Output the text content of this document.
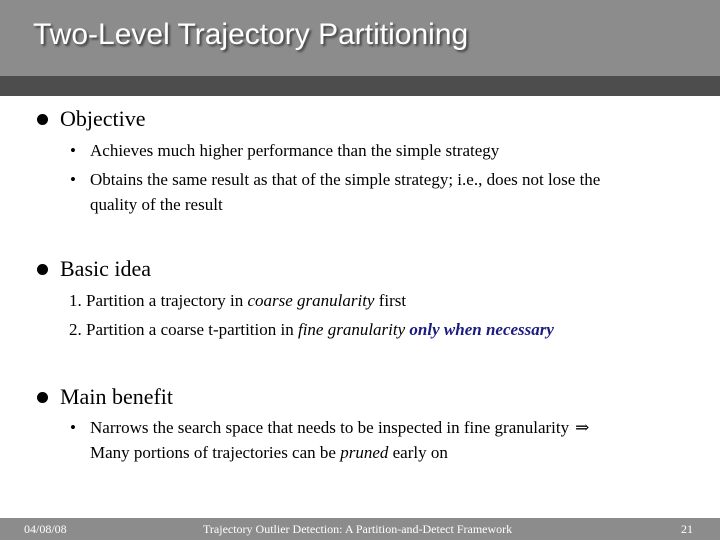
Two-Level Trajectory Partitioning
Objective
• Achieves much higher performance than the simple strategy
• Obtains the same result as that of the simple strategy; i.e., does not lose the
quality of the result
Basic idea
1. Partition a trajectory in coarse granularity first
2. Partition a coarse t-partition in fine granularity only when necessary
Main benefit
• Narrows the search space that needs to be inspected in fine granularity ⇒
Many portions of trajectories can be pruned early on
04/08/08	Trajectory Outlier Detection: A Partition-and-Detect Framework	21
